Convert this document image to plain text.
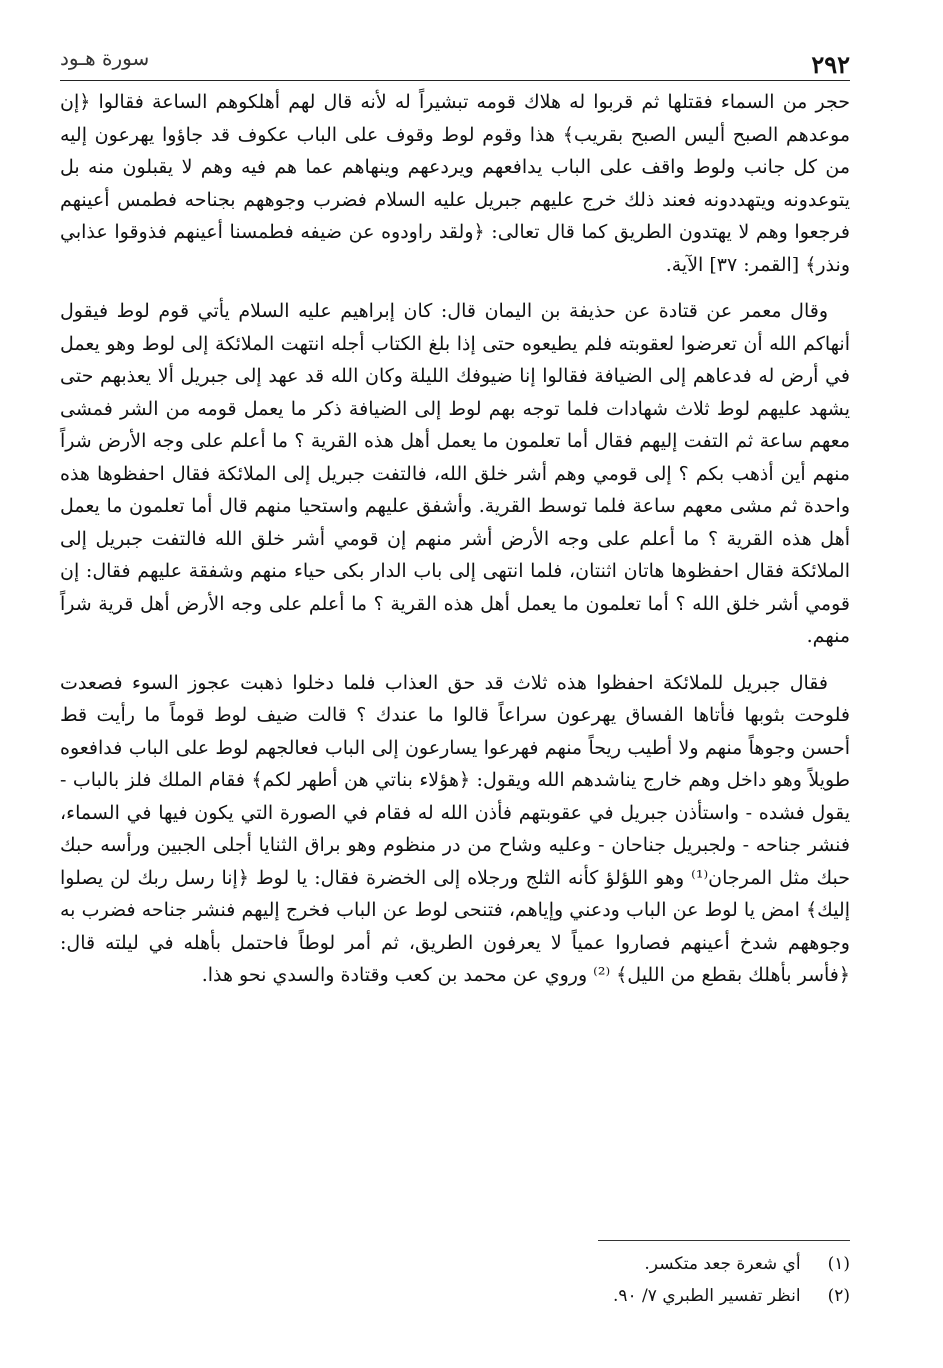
٢٩٢
سورة هـود

حجر من السماء فقتلها ثم قربوا له هلاك قومه تبشيراً له لأنه قال لهم أهلكوهم الساعة فقالوا ﴿إن موعدهم الصبح أليس الصبح بقريب﴾ هذا وقوم لوط وقوف على الباب عكوف قد جاؤوا يهرعون إليه من كل جانب ولوط واقف على الباب يدافعهم ويردعهم وينهاهم عما هم فيه وهم لا يقبلون منه بل يتوعدونه ويتهددونه فعند ذلك خرج عليهم جبريل عليه السلام فضرب وجوههم بجناحه فطمس أعينهم فرجعوا وهم لا يهتدون الطريق كما قال تعالى: ﴿ولقد راودوه عن ضيفه فطمسنا أعينهم فذوقوا عذابي ونذر﴾ [القمر: ٣٧] الآية.

وقال معمر عن قتادة عن حذيفة بن اليمان قال: كان إبراهيم عليه السلام يأتي قوم لوط فيقول أنهاكم الله أن تعرضوا لعقوبته فلم يطيعوه حتى إذا بلغ الكتاب أجله انتهت الملائكة إلى لوط وهو يعمل في أرض له فدعاهم إلى الضيافة فقالوا إنا ضيوفك الليلة وكان الله قد عهد إلى جبريل ألا يعذبهم حتى يشهد عليهم لوط ثلاث شهادات فلما توجه بهم لوط إلى الضيافة ذكر ما يعمل قومه من الشر فمشى معهم ساعة ثم التفت إليهم فقال أما تعلمون ما يعمل أهل هذه القرية ؟ ما أعلم على وجه الأرض شراً منهم أين أذهب بكم ؟ إلى قومي وهم أشر خلق الله، فالتفت جبريل إلى الملائكة فقال احفظوها هذه واحدة ثم مشى معهم ساعة فلما توسط القرية. وأشفق عليهم واستحيا منهم قال أما تعلمون ما يعمل أهل هذه القرية ؟ ما أعلم على وجه الأرض أشر منهم إن قومي أشر خلق الله فالتفت جبريل إلى الملائكة فقال احفظوها هاتان اثنتان، فلما انتهى إلى باب الدار بكى حياء منهم وشفقة عليهم فقال: إن قومي أشر خلق الله ؟ أما تعلمون ما يعمل أهل هذه القرية ؟ ما أعلم على وجه الأرض أهل قرية شراً منهم.

فقال جبريل للملائكة احفظوا هذه ثلاث قد حق العذاب فلما دخلوا ذهبت عجوز السوء فصعدت فلوحت بثوبها فأتاها الفساق يهرعون سراعاً قالوا ما عندك ؟ قالت ضيف لوط قوماً ما رأيت قط أحسن وجوهاً منهم ولا أطيب ريحاً منهم فهرعوا يسارعون إلى الباب فعالجهم لوط على الباب فدافعوه طويلاً وهو داخل وهم خارج يناشدهم الله ويقول: ﴿هؤلاء بناتي هن أطهر لكم﴾ فقام الملك فلز بالباب - يقول فشده - واستأذن جبريل في عقوبتهم فأذن الله له فقام في الصورة التي يكون فيها في السماء، فنشر جناحه - ولجبريل جناحان - وعليه وشاح من در منظوم وهو براق الثنايا أجلى الجبين ورأسه حبك حبك مثل المرجان⁽¹⁾ وهو اللؤلؤ كأنه الثلج ورجلاه إلى الخضرة فقال: يا لوط ﴿إنا رسل ربك لن يصلوا إليك﴾ امض يا لوط عن الباب ودعني وإياهم، فتنحى لوط عن الباب فخرج إليهم فنشر جناحه فضرب به وجوههم شدخ أعينهم فصاروا عمياً لا يعرفون الطريق، ثم أمر لوطاً فاحتمل بأهله في ليلته قال: ﴿فأسر بأهلك بقطع من الليل﴾ ⁽²⁾ وروي عن محمد بن كعب وقتادة والسدي نحو هذا.

(١) أي شعرة جعد متكسر.
(٢) انظر تفسير الطبري ٧/ ٩٠.
